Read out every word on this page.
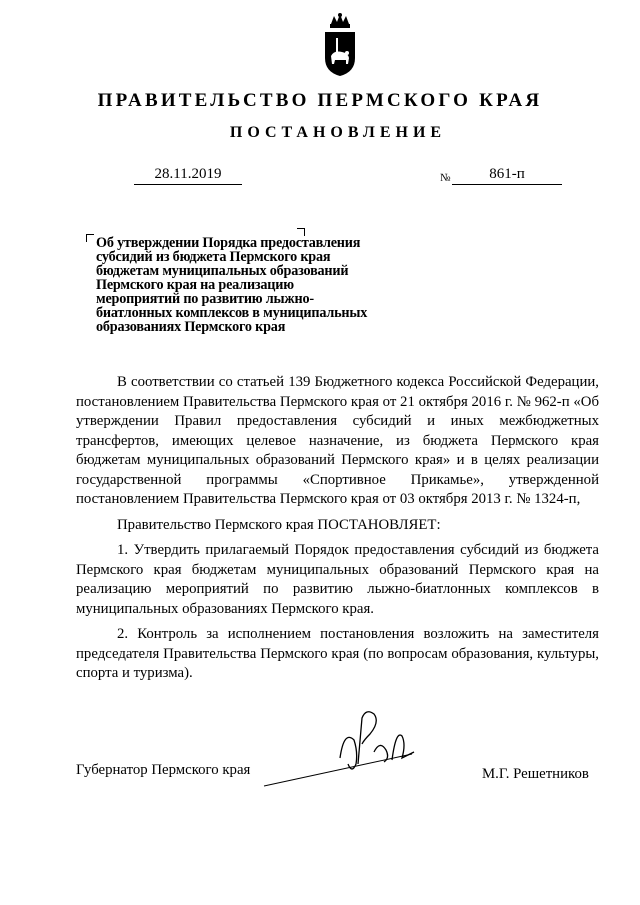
ПРАВИТЕЛЬСТВО ПЕРМСКОГО КРАЯ
ПОСТАНОВЛЕНИЕ
28.11.2019	№	861-п
Об утверждении Порядка предоставления
субсидий из бюджета Пермского края
бюджетам муниципальных образований
Пермского края на реализацию
мероприятий по развитию лыжно-
биатлонных комплексов в муниципальных
образованиях Пермского края

В соответствии со статьей 139 Бюджетного кодекса Российской Федерации, постановлением Правительства Пермского края от 21 октября 2016 г. № 962-п «Об утверждении Правил предоставления субсидий и иных межбюджетных трансфертов, имеющих целевое назначение, из бюджета Пермского края бюджетам муниципальных образований Пермского края» и в целях реализации государственной программы «Спортивное Прикамье», утвержденной постановлением Правительства Пермского края от 03 октября 2013 г. № 1324-п,

Правительство Пермского края ПОСТАНОВЛЯЕТ:

1. Утвердить прилагаемый Порядок предоставления субсидий из бюджета Пермского края бюджетам муниципальных образований Пермского края на реализацию мероприятий по развитию лыжно-биатлонных комплексов в муниципальных образованиях Пермского края.

2. Контроль за исполнением постановления возложить на заместителя председателя Правительства Пермского края (по вопросам образования, культуры, спорта и туризма).

Губернатор Пермского края	М.Г. Решетников
